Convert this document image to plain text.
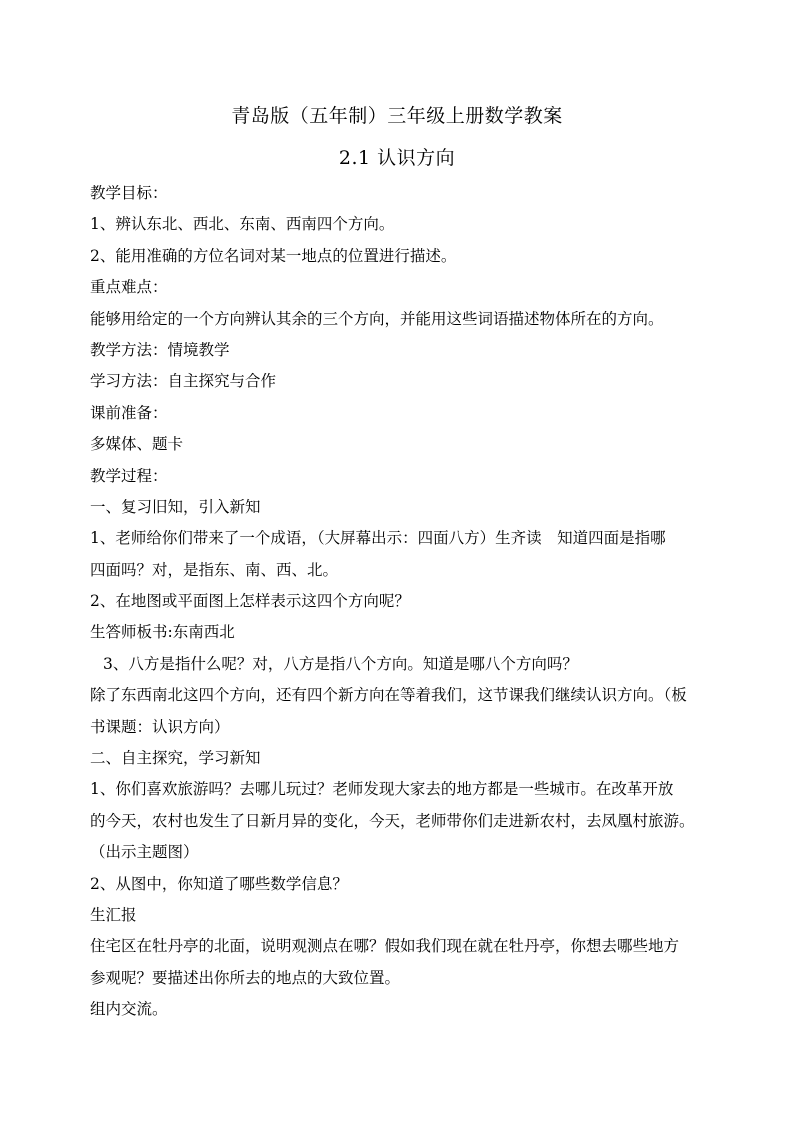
青岛版（五年制）三年级上册数学教案
2.1 认识方向
教学目标：
1、辨认东北、西北、东南、西南四个方向。
2、能用准确的方位名词对某一地点的位置进行描述。
重点难点：
能够用给定的一个方向辨认其余的三个方向，并能用这些词语描述物体所在的方向。
教学方法：情境教学
学习方法：自主探究与合作
课前准备：
多媒体、题卡
教学过程：
一、复习旧知，引入新知
1、老师给你们带来了一个成语，（大屏幕出示：四面八方）生齐读　知道四面是指哪
四面吗？对，是指东、南、西、北。
2、在地图或平面图上怎样表示这四个方向呢？
生答师板书:东南西北
3、八方是指什么呢？对，八方是指八个方向。知道是哪八个方向吗？
除了东西南北这四个方向，还有四个新方向在等着我们，这节课我们继续认识方向。（板
书课题：认识方向）
二、自主探究，学习新知
1、你们喜欢旅游吗？去哪儿玩过？老师发现大家去的地方都是一些城市。在改革开放
的今天，农村也发生了日新月异的变化，今天，老师带你们走进新农村，去凤凰村旅游。
（出示主题图）
2、从图中，你知道了哪些数学信息？
生汇报
住宅区在牡丹亭的北面，说明观测点在哪？假如我们现在就在牡丹亭，你想去哪些地方
参观呢？要描述出你所去的地点的大致位置。
组内交流。
